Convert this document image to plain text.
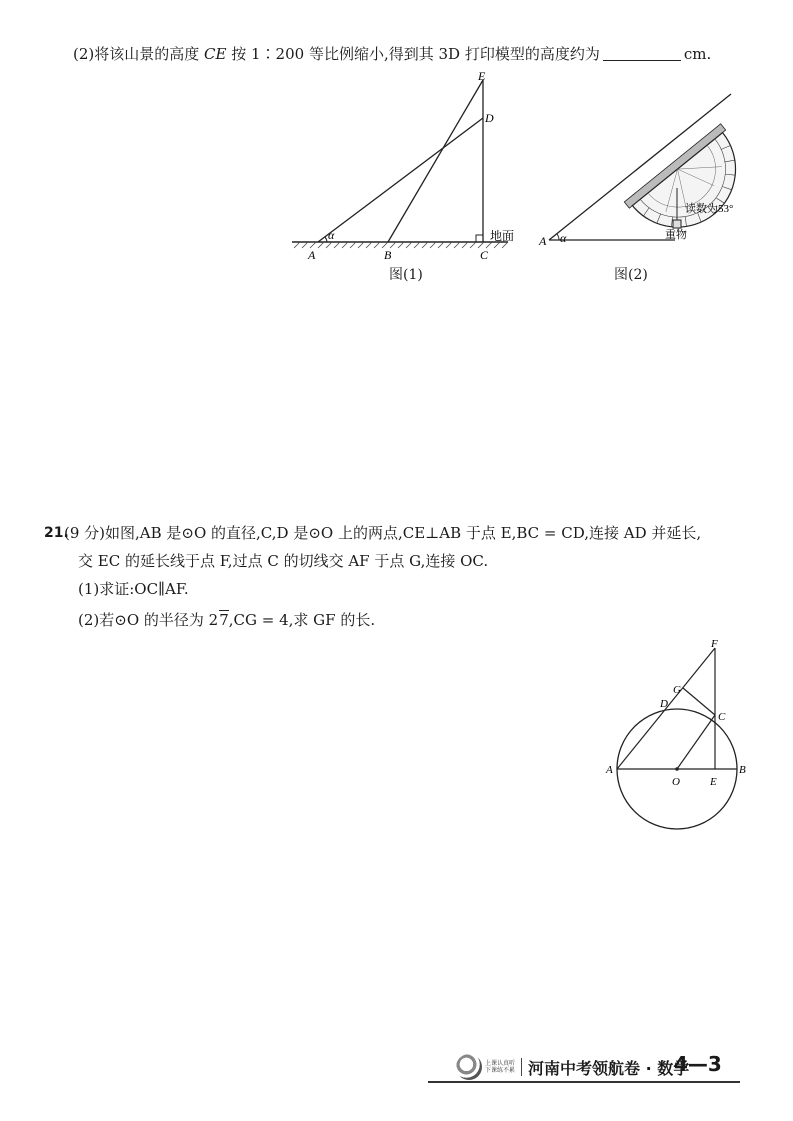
(2)将该山景的高度 CE 按 1∶200 等比例缩小,得到其 3D 打印模型的高度约为	cm.
E
D
α
A	B	C
地面
图(1)
A α
读数为53°
重物
图(2)
21.
(9 分)如图,AB 是⊙O 的直径,C,D 是⊙O 上的两点,CE⊥AB 于点 E,BC = CD,连接 AD 并延长,
交 EC 的延长线于点 F,过点 C 的切线交 AF 于点 G,连接 OC.
(1)求证:OC∥AF.
(2)若⊙O 的半径为 27,CG = 4,求 GF 的长.
F
G
D
C
A
O	E
B
上课认真听 下课练不累 河南中考领航卷 · 数学
4—3
